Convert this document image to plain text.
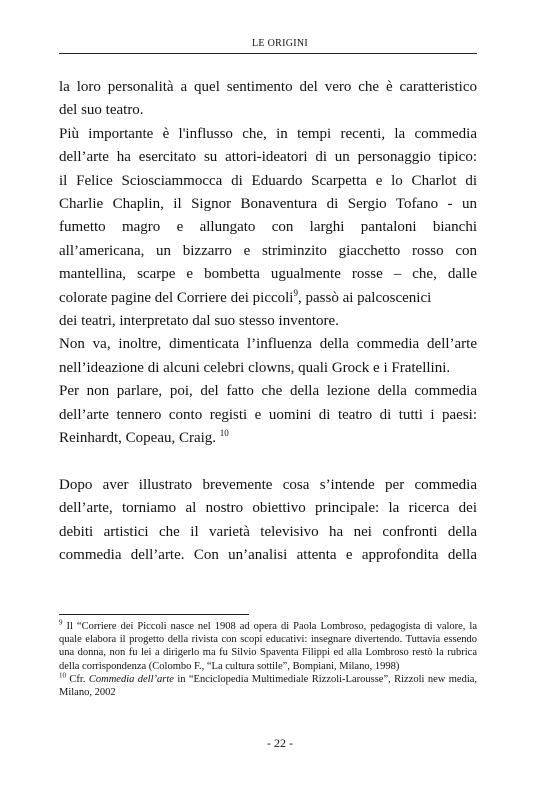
LE ORIGINI

la loro personalità a quel sentimento del vero che è caratteristico
del suo teatro.

Più importante è l'influsso che, in tempi recenti, la commedia
dell’arte ha esercitato su attori-ideatori di un personaggio tipico:
il Felice Sciosciammocca di Eduardo Scarpetta e lo Charlot di
Charlie Chaplin, il Signor Bonaventura di Sergio Tofano - un
fumetto magro e allungato con larghi pantaloni bianchi
all’americana, un bizzarro e striminzito giacchetto rosso con
mantellina, scarpe e bombetta ugualmente rosse – che, dalle
colorate pagine del Corriere dei piccoli$^9$, passò ai palcoscenici
dei teatri, interpretato dal suo stesso inventore.

Non va, inoltre, dimenticata l’influenza della commedia dell’arte
nell’ideazione di alcuni celebri clowns, quali Grock e i Fratellini.

Per non parlare, poi, del fatto che della lezione della commedia
dell’arte tennero conto registi e uomini di teatro di tutti i paesi:
Reinhardt, Copeau, Craig. $^{10}$

Dopo aver illustrato brevemente cosa s’intende per commedia
dell’arte, torniamo al nostro obiettivo principale: la ricerca dei
debiti artistici che il varietà televisivo ha nei confronti della
commedia dell’arte. Con un’analisi attenta e approfondita della

$^9$ Il “Corriere dei Piccoli nasce nel 1908 ad opera di Paola Lombroso, pedagogista di valore, la quale elabora il progetto della rivista con scopi educativi: insegnare divertendo. Tuttavia essendo una donna, non fu lei a dirigerlo ma fu Silvio Spaventa Filippi ed alla Lombroso restò la rubrica della corrispondenza (Colombo F., “La cultura sottile”, Bompiani, Milano, 1998)
$^{10}$ Cfr. Commedia dell’arte in “Enciclopedia Multimediale Rizzoli-Larousse”, Rizzoli new media, Milano, 2002
- 22 -
